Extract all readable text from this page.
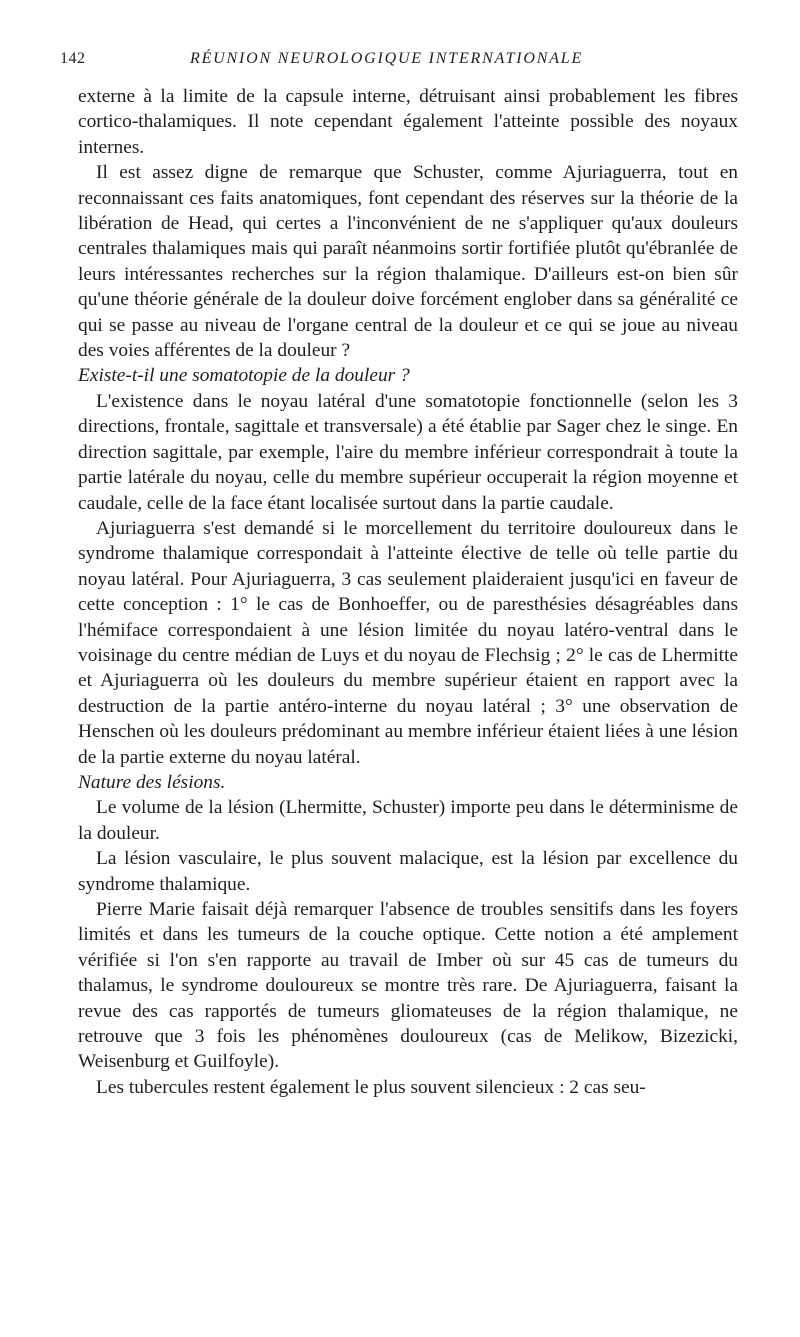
142	RÉUNION NEUROLOGIQUE INTERNATIONALE

externe à la limite de la capsule interne, détruisant ainsi probablement les fibres cortico-thalamiques. Il note cependant également l'atteinte possible des noyaux internes.

Il est assez digne de remarque que Schuster, comme Ajuriaguerra, tout en reconnaissant ces faits anatomiques, font cependant des réserves sur la théorie de la libération de Head, qui certes a l'inconvénient de ne s'appliquer qu'aux douleurs centrales thalamiques mais qui paraît néanmoins sortir fortifiée plutôt qu'ébranlée de leurs intéressantes recherches sur la région thalamique. D'ailleurs est-on bien sûr qu'une théorie générale de la douleur doive forcément englober dans sa généralité ce qui se passe au niveau de l'organe central de la douleur et ce qui se joue au niveau des voies afférentes de la douleur ?

Existe-t-il une somatotopie de la douleur ?

L'existence dans le noyau latéral d'une somatotopie fonctionnelle (selon les 3 directions, frontale, sagittale et transversale) a été établie par Sager chez le singe. En direction sagittale, par exemple, l'aire du membre inférieur correspondrait à toute la partie latérale du noyau, celle du membre supérieur occuperait la région moyenne et caudale, celle de la face étant localisée surtout dans la partie caudale.

Ajuriaguerra s'est demandé si le morcellement du territoire douloureux dans le syndrome thalamique correspondait à l'atteinte élective de telle où telle partie du noyau latéral. Pour Ajuriaguerra, 3 cas seulement plaideraient jusqu'ici en faveur de cette conception : 1° le cas de Bonhoeffer, ou de paresthésies désagréables dans l'hémiface correspondaient à une lésion limitée du noyau latéro-ventral dans le voisinage du centre médian de Luys et du noyau de Flechsig ; 2° le cas de Lhermitte et Ajuriaguerra où les douleurs du membre supérieur étaient en rapport avec la destruction de la partie antéro-interne du noyau latéral ; 3° une observation de Henschen où les douleurs prédominant au membre inférieur étaient liées à une lésion de la partie externe du noyau latéral.

Nature des lésions.

Le volume de la lésion (Lhermitte, Schuster) importe peu dans le déterminisme de la douleur.

La lésion vasculaire, le plus souvent malacique, est la lésion par excellence du syndrome thalamique.

Pierre Marie faisait déjà remarquer l'absence de troubles sensitifs dans les foyers limités et dans les tumeurs de la couche optique. Cette notion a été amplement vérifiée si l'on s'en rapporte au travail de Imber où sur 45 cas de tumeurs du thalamus, le syndrome douloureux se montre très rare. De Ajuriaguerra, faisant la revue des cas rapportés de tumeurs gliomateuses de la région thalamique, ne retrouve que 3 fois les phénomènes douloureux (cas de Melikow, Bizezicki, Weisenburg et Guilfoyle).

Les tubercules restent également le plus souvent silencieux : 2 cas seu-
